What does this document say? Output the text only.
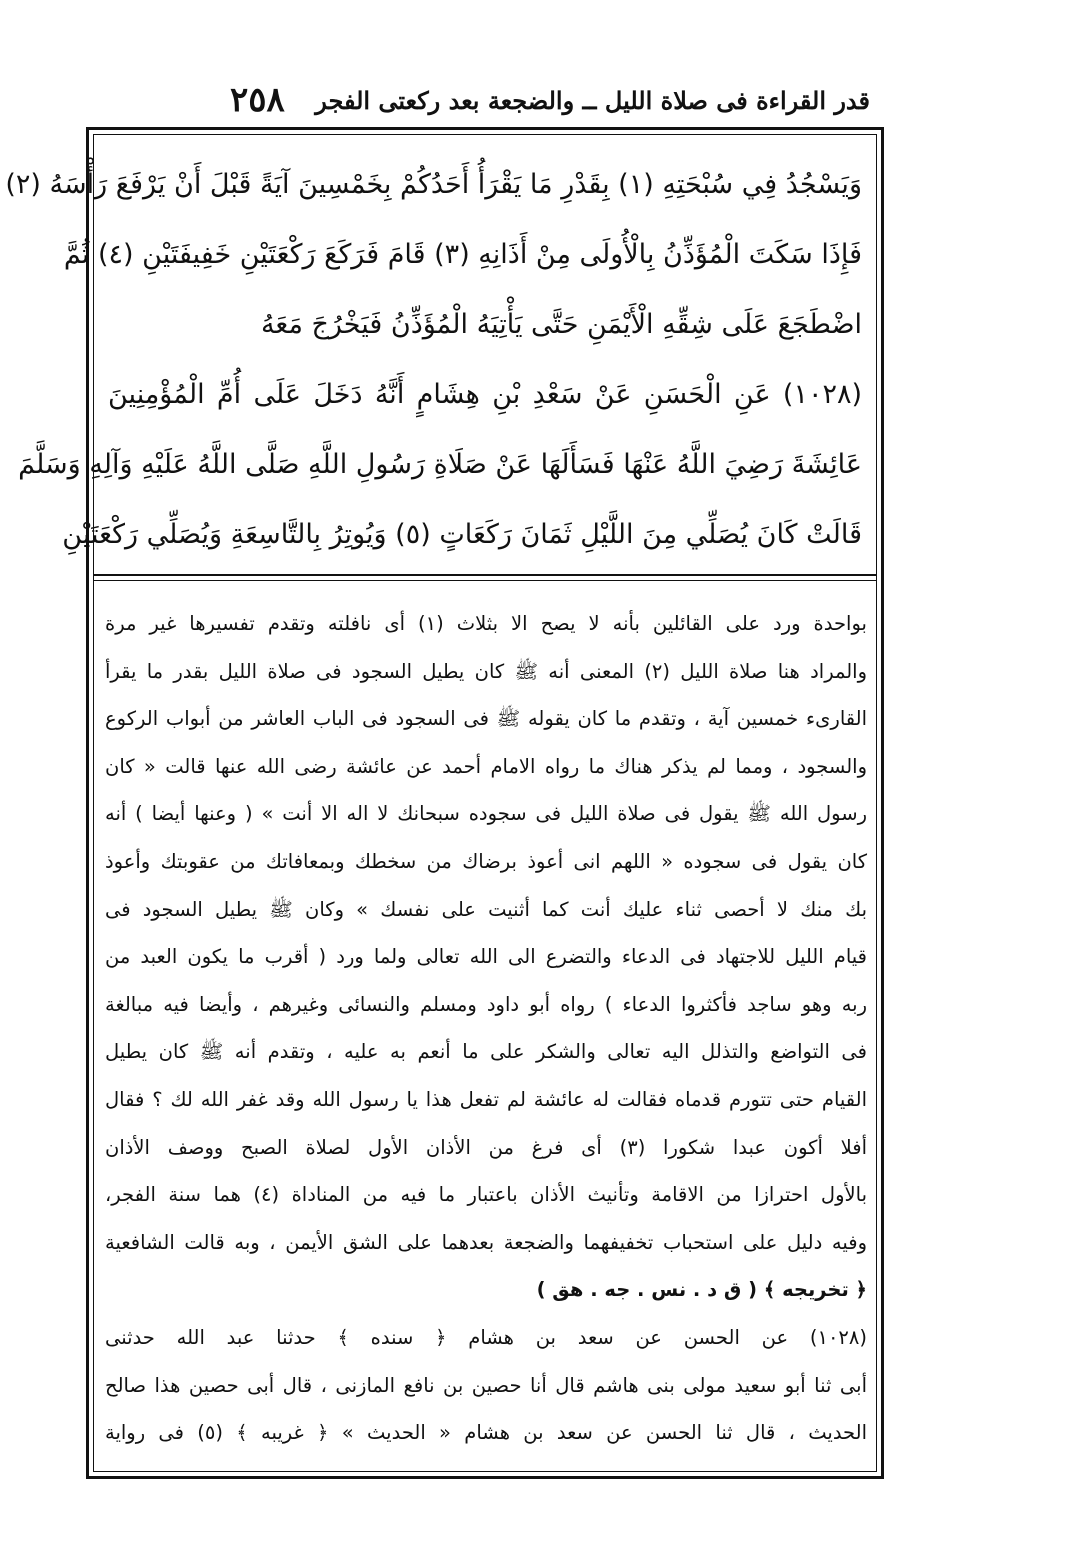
قدر القراءة فى صلاة الليل ــ والضجعة بعد ركعتى الفجر
٢٥٨
وَيَسْجُدُ فِي سُبْحَتِهِ (١) بِقَدْرِ مَا يَقْرَأُ أَحَدُكُمْ بِخَمْسِينَ آيَةً قَبْلَ أَنْ يَرْفَعَ رَأْسَهُ (٢)
فَإِذَا سَكَتَ الْمُؤَذِّنُ بِالْأُولَى مِنْ أَذَانِهِ (٣) قَامَ فَرَكَعَ رَكْعَتَيْنِ خَفِيفَتَيْنِ (٤) ثُمَّ
اضْطَجَعَ عَلَى شِقِّهِ الْأَيْمَنِ حَتَّى يَأْتِيَهُ الْمُؤَذِّنُ فَيَخْرُجَ مَعَهُ
(١٠٢٨) عَنِ الْحَسَنِ عَنْ سَعْدِ بْنِ هِشَامٍ أَنَّهُ دَخَلَ عَلَى أُمِّ الْمُؤْمِنِينَ
عَائِشَةَ رَضِيَ اللَّهُ عَنْهَا فَسَأَلَهَا عَنْ صَلَاةِ رَسُولِ اللَّهِ صَلَّى اللَّهُ عَلَيْهِ وَآلِهِ وَسَلَّمَ
قَالَتْ كَانَ يُصَلِّي مِنَ اللَّيْلِ ثَمَانَ رَكَعَاتٍ (٥) وَيُوتِرُ بِالتَّاسِعَةِ وَيُصَلِّي رَكْعَتَيْنِ
بواحدة ورد على القائلين بأنه لا يصح الا بثلاث (١) أى نافلته وتقدم تفسيرها غير مرة
والمراد هنا صلاة الليل (٢) المعنى أنه ﷺ كان يطيل السجود فى صلاة الليل بقدر ما يقرأ
القارىء خمسين آية ، وتقدم ما كان يقوله ﷺ فى السجود فى الباب العاشر من أبواب الركوع
والسجود ، ومما لم يذكر هناك ما رواه الامام أحمد عن عائشة رضى الله عنها قالت « كان
رسول الله ﷺ يقول فى صلاة الليل فى سجوده سبحانك لا اله الا أنت » ( وعنها أيضا ) أنه
كان يقول فى سجوده « اللهم انى أعوذ برضاك من سخطك وبمعافاتك من عقوبتك وأعوذ
بك منك لا أحصى ثناء عليك أنت كما أثنيت على نفسك » وكان ﷺ يطيل السجود فى
قيام الليل للاجتهاد فى الدعاء والتضرع الى الله تعالى ولما ورد ( أقرب ما يكون العبد من
ربه وهو ساجد فأكثروا الدعاء ) رواه أبو داود ومسلم والنسائى وغيرهم ، وأيضا فيه مبالغة
فى التواضع والتذلل اليه تعالى والشكر على ما أنعم به عليه ، وتقدم أنه ﷺ كان يطيل
القيام حتى تتورم قدماه فقالت له عائشة لم تفعل هذا يا رسول الله وقد غفر الله لك ؟ فقال
أفلا أكون عبدا شكورا (٣) أى فرغ من الأذان الأول لصلاة الصبح ووصف الأذان
بالأول احترازا من الاقامة وتأنيث الأذان باعتبار ما فيه من المناداة (٤) هما سنة الفجر،
وفيه دليل على استحباب تخفيفهما والضجعة بعدهما على الشق الأيمن ، وبه قالت الشافعية
﴿ تخريجه ﴾ ( ق د . نس . جه . هق )
(١٠٢٨) عن الحسن عن سعد بن هشام ﴿ سنده ﴾ حدثنا عبد الله حدثنى
أبى ثنا أبو سعيد مولى بنى هاشم قال أنا حصين بن نافع المازنى ، قال أبى حصين هذا صالح
الحديث ، قال ثنا الحسن عن سعد بن هشام « الحديث » ﴿ غريبه ﴾ (٥) فى رواية
